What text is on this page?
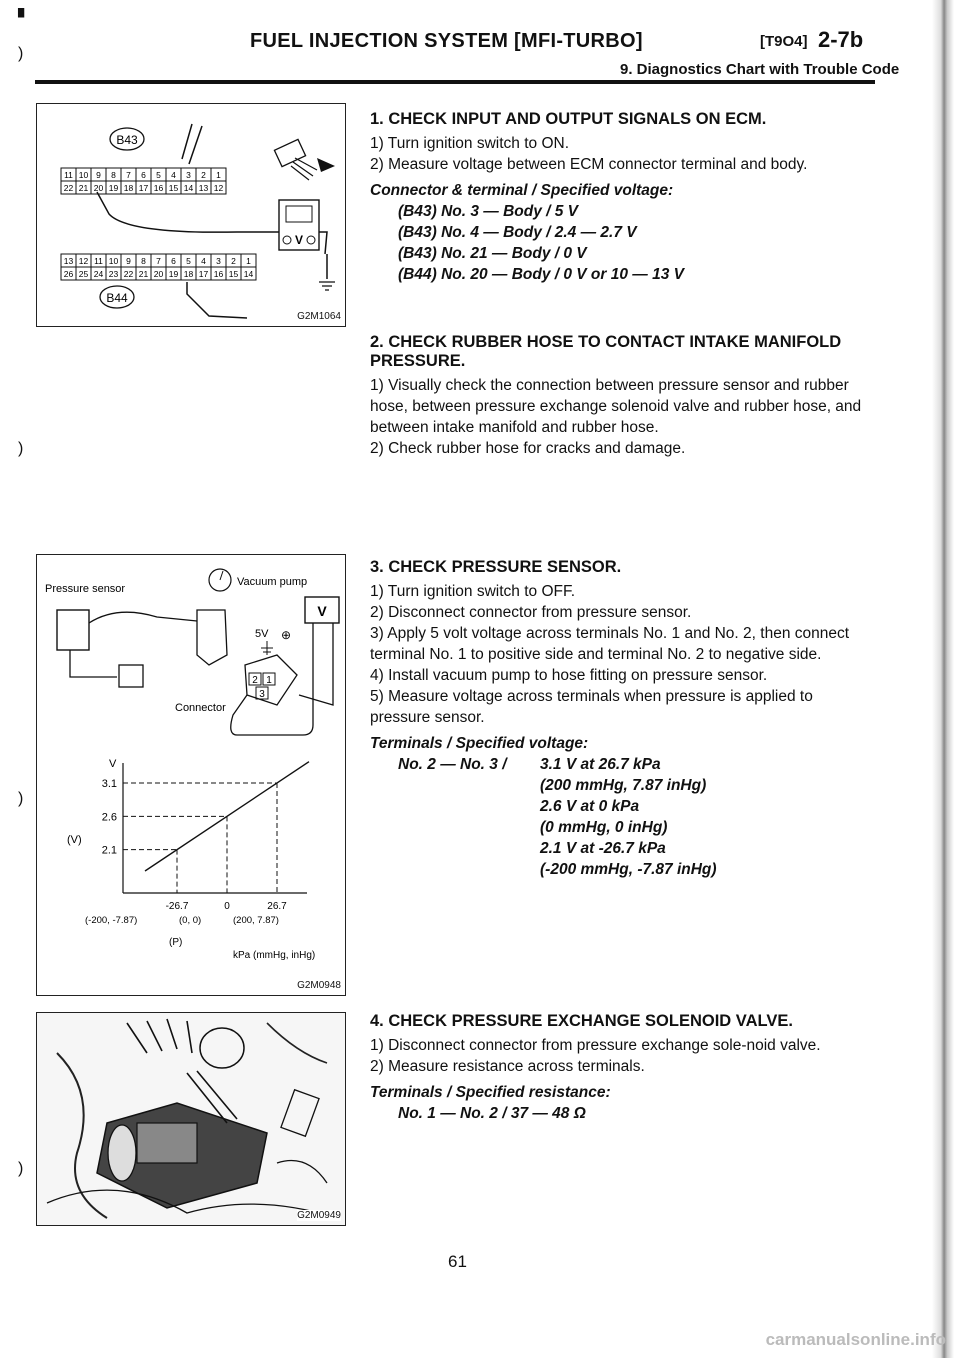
FUEL INJECTION SYSTEM [MFI-TURBO]	[T9O4] 2-7b
9. Diagnostics Chart with Trouble Code
▘
)
)
)
)
B43
11 10 9 8 7 6 5 4 3 2 1
22 21 20 19 18 17 16 15 14 13 12
V
13 12 11 10 9 8 7 6 5 4 3 2 1
26 25 24 23 22 21 20 19 18 17 16 15 14
B44
G2M1064
Pressure sensor
Vacuum pump
Connector
V
5V ⊕
2 1
3
V
(V)
3.1
2.6
2.1
-26.7	0	26.7
(-200, -7.87)	(0, 0)	(200, 7.87)
(P)
kPa (mmHg, inHg)
G2M0948
G2M0949
1. CHECK INPUT AND OUTPUT SIGNALS ON ECM.

1) Turn ignition switch to ON.

2) Measure voltage between ECM connector terminal and body.

Connector & terminal / Specified voltage:

(B43) No. 3 — Body / 5 V

(B43) No. 4 — Body / 2.4 — 2.7 V

(B43) No. 21 — Body / 0 V

(B44) No. 20 — Body / 0 V or 10 — 13 V

2. CHECK RUBBER HOSE TO CONTACT INTAKE MANIFOLD PRESSURE.

1) Visually check the connection between pressure sensor and rubber hose, between pressure exchange solenoid valve and rubber hose, and between intake manifold and rubber hose.

2) Check rubber hose for cracks and damage.

3. CHECK PRESSURE SENSOR.

1) Turn ignition switch to OFF.

2) Disconnect connector from pressure sensor.

3) Apply 5 volt voltage across terminals No. 1 and No. 2, then connect terminal No. 1 to positive side and terminal No. 2 to negative side.

4) Install vacuum pump to hose fitting on pressure sensor.

5) Measure voltage across terminals when pressure is applied to pressure sensor.

Terminals / Specified voltage:

No. 2 — No. 3 / 3.1 V at 26.7 kPa

(200 mmHg, 7.87 inHg)

2.6 V at 0 kPa

(0 mmHg, 0 inHg)

2.1 V at -26.7 kPa

(-200 mmHg, -7.87 inHg)

4. CHECK PRESSURE EXCHANGE SOLENOID VALVE.

1) Disconnect connector from pressure exchange sole-noid valve.

2) Measure resistance across terminals.

Terminals / Specified resistance:

No. 1 — No. 2 / 37 — 48 Ω

61
carmanualsonline.info
